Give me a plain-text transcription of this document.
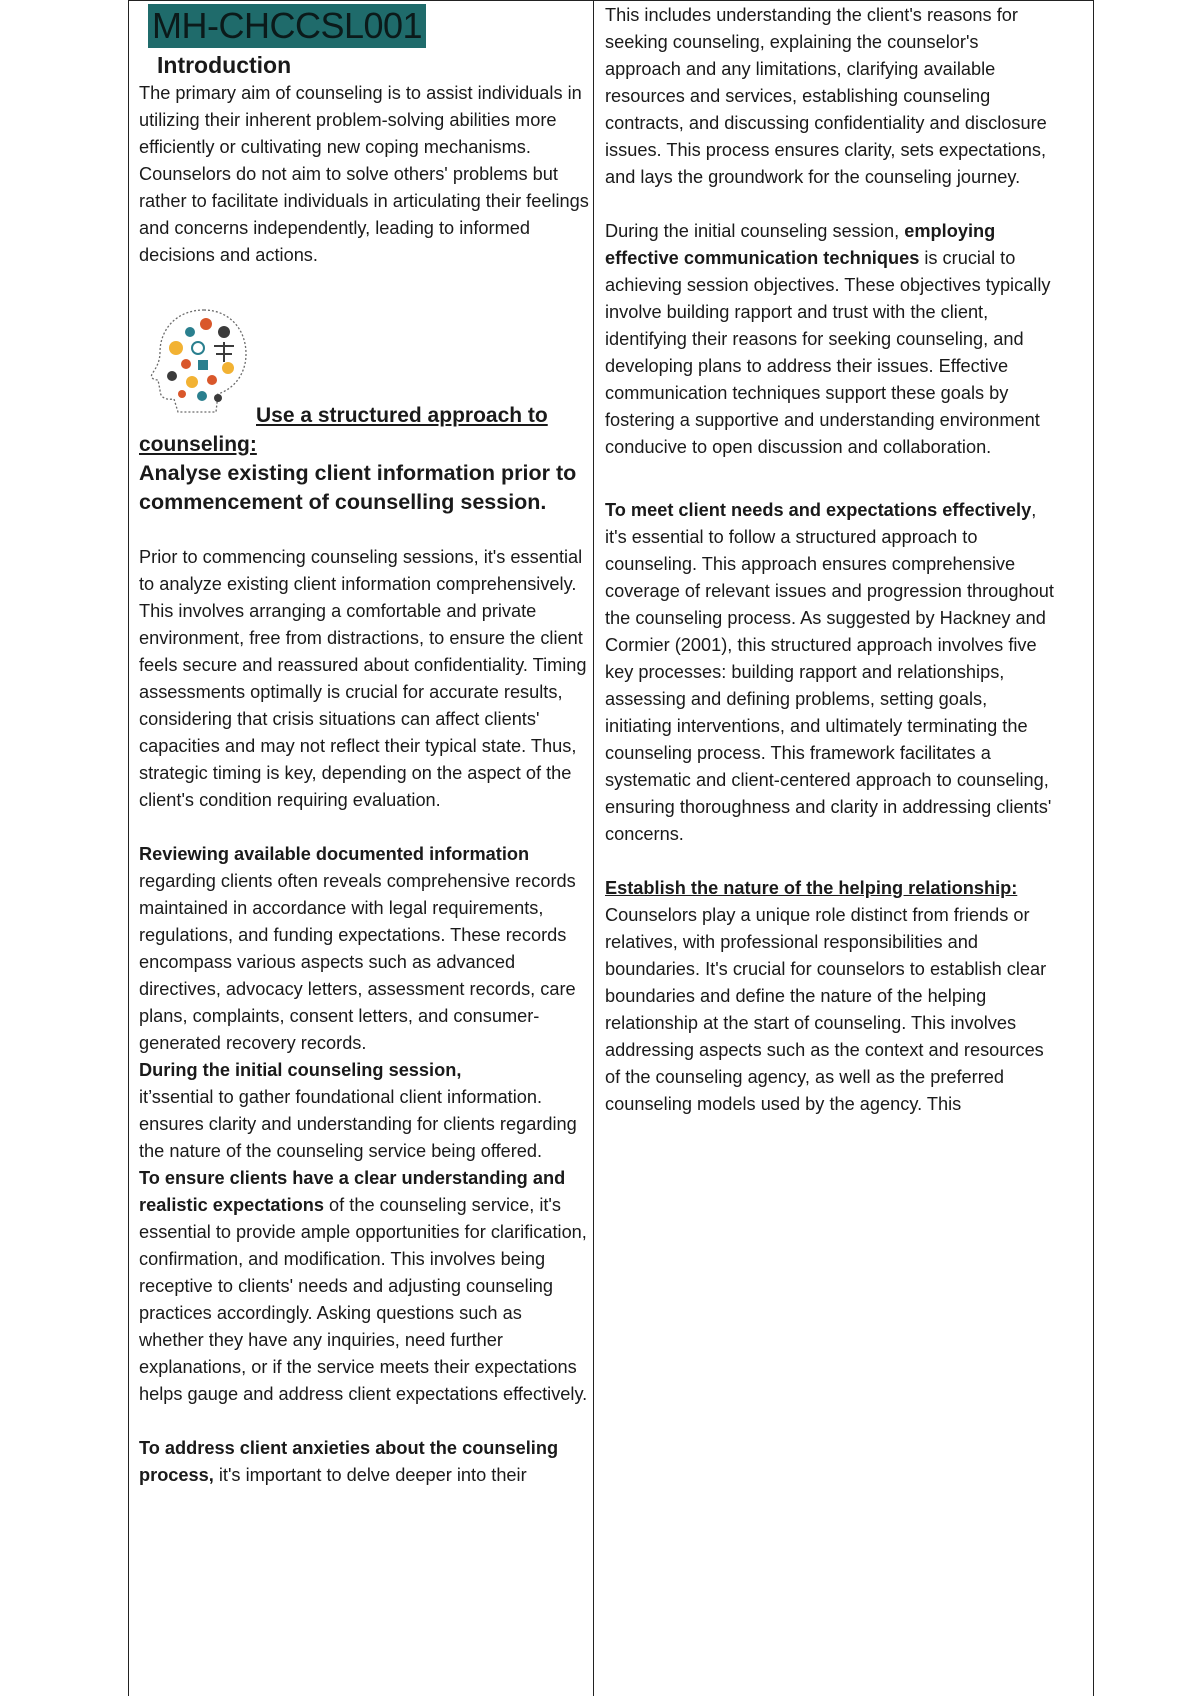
MH-CHCCSL001
Introduction

The primary aim of counseling is to assist individuals in utilizing their inherent problem-solving abilities more efficiently or cultivating new coping mechanisms. Counselors do not aim to solve others' problems but rather to facilitate individuals in articulating their feelings and concerns independently, leading to informed decisions and actions.

Use a structured approach to
counseling:
Analyse existing client information prior to commencement of counselling session.

Prior to commencing counseling sessions, it's essential to analyze existing client information comprehensively. This involves arranging a comfortable and private environment, free from distractions, to ensure the client feels secure and reassured about confidentiality. Timing assessments optimally is crucial for accurate results, considering that crisis situations can affect clients' capacities and may not reflect their typical state. Thus, strategic timing is key, depending on the aspect of the client's condition requiring evaluation.

Reviewing available documented information
regarding clients often reveals comprehensive records maintained in accordance with legal requirements, regulations, and funding expectations. These records encompass various aspects such as advanced directives, advocacy letters, assessment records, care plans, complaints, consent letters, and consumer-generated recovery records.

During the initial counseling session,
it’ssential to gather foundational client information.

ensures clarity and understanding for clients regarding the nature of the counseling service being offered.

To ensure clients have a clear understanding and realistic expectations of the counseling service, it's essential to provide ample opportunities for clarification, confirmation, and modification. This involves being receptive to clients' needs and adjusting counseling practices accordingly. Asking questions such as whether they have any inquiries, need further explanations, or if the service meets their expectations helps gauge and address client expectations effectively.

To address client anxieties about the counseling process, it's important to delve deeper into their

This includes understanding the client's reasons for seeking counseling, explaining the counselor's approach and any limitations, clarifying available resources and services, establishing counseling contracts, and discussing confidentiality and disclosure issues. This process ensures clarity, sets expectations, and lays the groundwork for the counseling journey.

During the initial counseling session, employing effective communication techniques is crucial to achieving session objectives. These objectives typically involve building rapport and trust with the client, identifying their reasons for seeking counseling, and developing plans to address their issues. Effective communication techniques support these goals by fostering a supportive and understanding environment conducive to open discussion and collaboration.

To meet client needs and expectations effectively, it's essential to follow a structured approach to counseling. This approach ensures comprehensive coverage of relevant issues and progression throughout the counseling process. As suggested by Hackney and Cormier (2001), this structured approach involves five key processes: building rapport and relationships, assessing and defining problems, setting goals, initiating interventions, and ultimately terminating the counseling process. This framework facilitates a systematic and client-centered approach to counseling, ensuring thoroughness and clarity in addressing clients' concerns.

Establish the nature of the helping relationship:

Counselors play a unique role distinct from friends or relatives, with professional responsibilities and boundaries. It's crucial for counselors to establish clear boundaries and define the nature of the helping relationship at the start of counseling. This involves addressing aspects such as the context and resources of the counseling agency, as well as the preferred counseling models used by the agency. This
